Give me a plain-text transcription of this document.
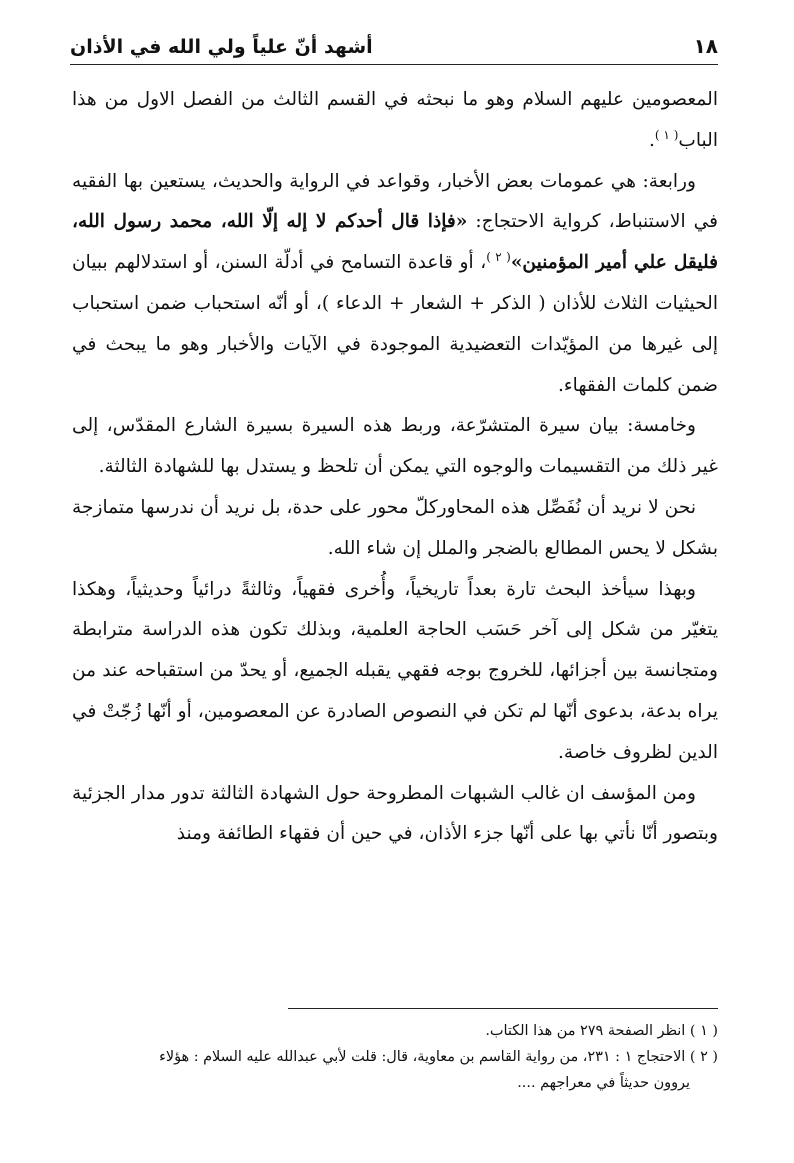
أشهد أنّ علياً ولي الله في الأذان	١٨

المعصومين عليهم السلام وهو ما نبحثه في القسم الثالث من الفصل الاول من هذا الباب$^{( ١ )}$.

ورابعة: هي عمومات بعض الأخبار، وقواعد في الرواية والحديث، يستعين بها الفقيه في الاستنباط، كرواية الاحتجاج: «فإذا قال أحدكم لا إله إلّا الله، محمد رسول الله، فليقل علي أمير المؤمنين»$^{( ٢ )}$، أو قاعدة التسامح في أدلّة السنن، أو استدلالهم ببيان الحيثيات الثلاث للأذان ( الذكر + الشعار + الدعاء )، أو أنّه استحباب ضمن استحباب إلى غيرها من المؤيّدات التعضيدية الموجودة في الآيات والأخبار وهو ما يبحث في ضمن كلمات الفقهاء.

وخامسة: بيان سيرة المتشرّعة، وربط هذه السيرة بسيرة الشارع المقدّس، إلى غير ذلك من التقسيمات والوجوه التي يمكن أن تلحظ و يستدل بها للشهادة الثالثة.

نحن لا نريد أن نُفَصِّل هذه المحاوركلّ محور على حدة، بل نريد أن ندرسها متمازجة بشكل لا يحس المطالع بالضجر والملل إن شاء الله.

وبهذا سيأخذ البحث تارة بعداً تاريخياً، وأُخرى فقهياً، وثالثةً درائياً وحديثياً، وهكذا يتغيّر من شكل إلى آخر حَسَب الحاجة العلمية، وبذلك تكون هذه الدراسة مترابطة ومتجانسة بين أجزائها، للخروج بوجه فقهي يقبله الجميع، أو يحدّ من استقباحه عند من يراه بدعة، بدعوى أنّها لم تكن في النصوص الصادرة عن المعصومين، أو أنّها زُجّتْ في الدين لظروف خاصة.

ومن المؤسف ان غالب الشبهات المطروحة حول الشهادة الثالثة تدور مدار الجزئية وبتصور أنّا نأتي بها على أنّها جزء الأذان، في حين أن فقهاء الطائفة ومنذ

( ١ ) انظر الصفحة ٢٧٩ من هذا الكتاب.

( ٢ ) الاحتجاج ١ : ٢٣١، من رواية القاسم بن معاوية، قال: قلت لأبي عبدالله عليه السلام : هؤلاء

يروون حديثاً في معراجهم ....
